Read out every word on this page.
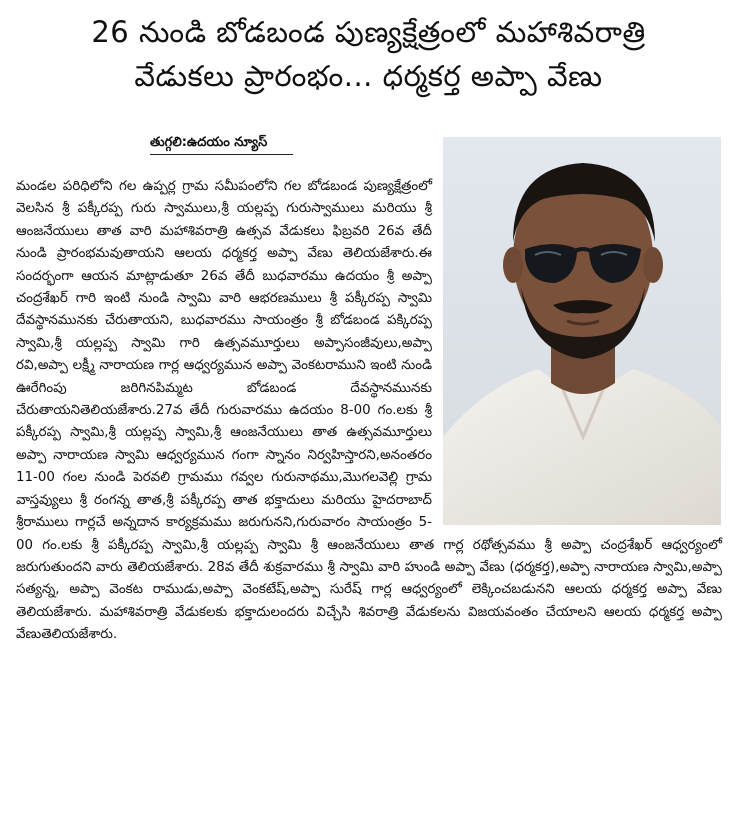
26 నుండి బోడబండ పుణ్యక్షేత్రంలో మహాశివరాత్రి
వేడుకలు ప్రారంభం... ధర్మకర్త అప్పా వేణు
తుగ్గలి:ఉదయం న్యూస్

మండల పరిధిలోని గల ఉప్పర్ల గ్రామ సమీపంలోని గల బోడబండ పుణ్యక్షేత్రంలో వెలసిన శ్రీ పక్కీరప్ప గురు స్వాములు,శ్రీ యల్లప్ప గురుస్వాములు మరియు శ్రీ ఆంజనేయులు తాత వారి మహాశివరాత్రి ఉత్సవ వేడుకలు ఫిబ్రవరి 26వ తేదీ నుండి ప్రారంభమవుతాయని ఆలయ ధర్మకర్త అప్పా వేణు తెలియజేశారు.ఈ సందర్భంగా ఆయన మాట్లాడుతూ 26వ తేదీ బుధవారము ఉదయం శ్రీ అప్పా చంద్రశేఖర్ గారి ఇంటి నుండి స్వామి వారి ఆభరణములు శ్రీ పక్కీరప్ప స్వామి దేవస్థానమునకు చేరుతాయని, బుధవారము సాయంత్రం శ్రీ బోడబండ పక్కిరప్ప స్వామి,శ్రీ యల్లప్ప స్వామి గారి ఉత్సవమూర్తులు అప్పాసంజీవులు,అప్పా రవి,అప్పా లక్ష్మీ నారాయణ గార్ల ఆధ్వర్యమున అప్పా వెంకటరాముని ఇంటి నుండి ఊరేగింపు జరిగినపిమ్మట బోడబండ దేవస్థానమునకు చేరుతాయనితెలియజేశారు.27వ తేదీ గురువారము ఉదయం 8-00 గం.లకు శ్రీ పక్కీరప్ప స్వామి,శ్రీ యల్లప్ప స్వామి,శ్రీ ఆంజనేయులు తాత ఉత్సవమూర్తులు అప్పా నారాయణ స్వామి ఆధ్వర్యమున గంగా స్నానం నిర్వహిస్తారని,అనంతరం 11-00 గంల నుండి పెరవలి గ్రామము గవ్వల గురునాథము,మొగలవెల్లి గ్రామ వాస్తవ్యులు శ్రీ రంగన్న తాత,శ్రీ పక్కీరప్ప తాత భక్తాదులు మరియు హైదరాబాద్ శ్రీరాములు గార్లచే అన్నదాన కార్యక్రమము జరుగునని,గురువారం సాయంత్రం 5-00 గం.లకు శ్రీ పక్కీరప్ప స్వామి,శ్రీ యల్లప్ప స్వామి శ్రీ ఆంజనేయులు తాత గార్ల రథోత్సవము శ్రీ అప్పా చంద్రశేఖర్ ఆధ్వర్యంలో జరుగుతుందని వారు తెలియజేశారు. 28వ తేదీ శుక్రవారము శ్రీ స్వామి వారి హుండి అప్పా వేణు (ధర్మకర్త),అప్పా నారాయణ స్వామి,అప్పా సత్యన్న, అప్పా వెంకట రాముడు,అప్పా వెంకటేష్,అప్పా సురేష్ గార్ల ఆధ్వర్యంలో లెక్కించబడునని ఆలయ ధర్మకర్త అప్పా వేణు తెలియజేశారు. మహాశివరాత్రి వేడుకలకు భక్తాదులందరు విచ్చేసి శివరాత్రి వేడుకలను విజయవంతం చేయాలని ఆలయ ధర్మకర్త అప్పా వేణుతెలియజేశారు.
